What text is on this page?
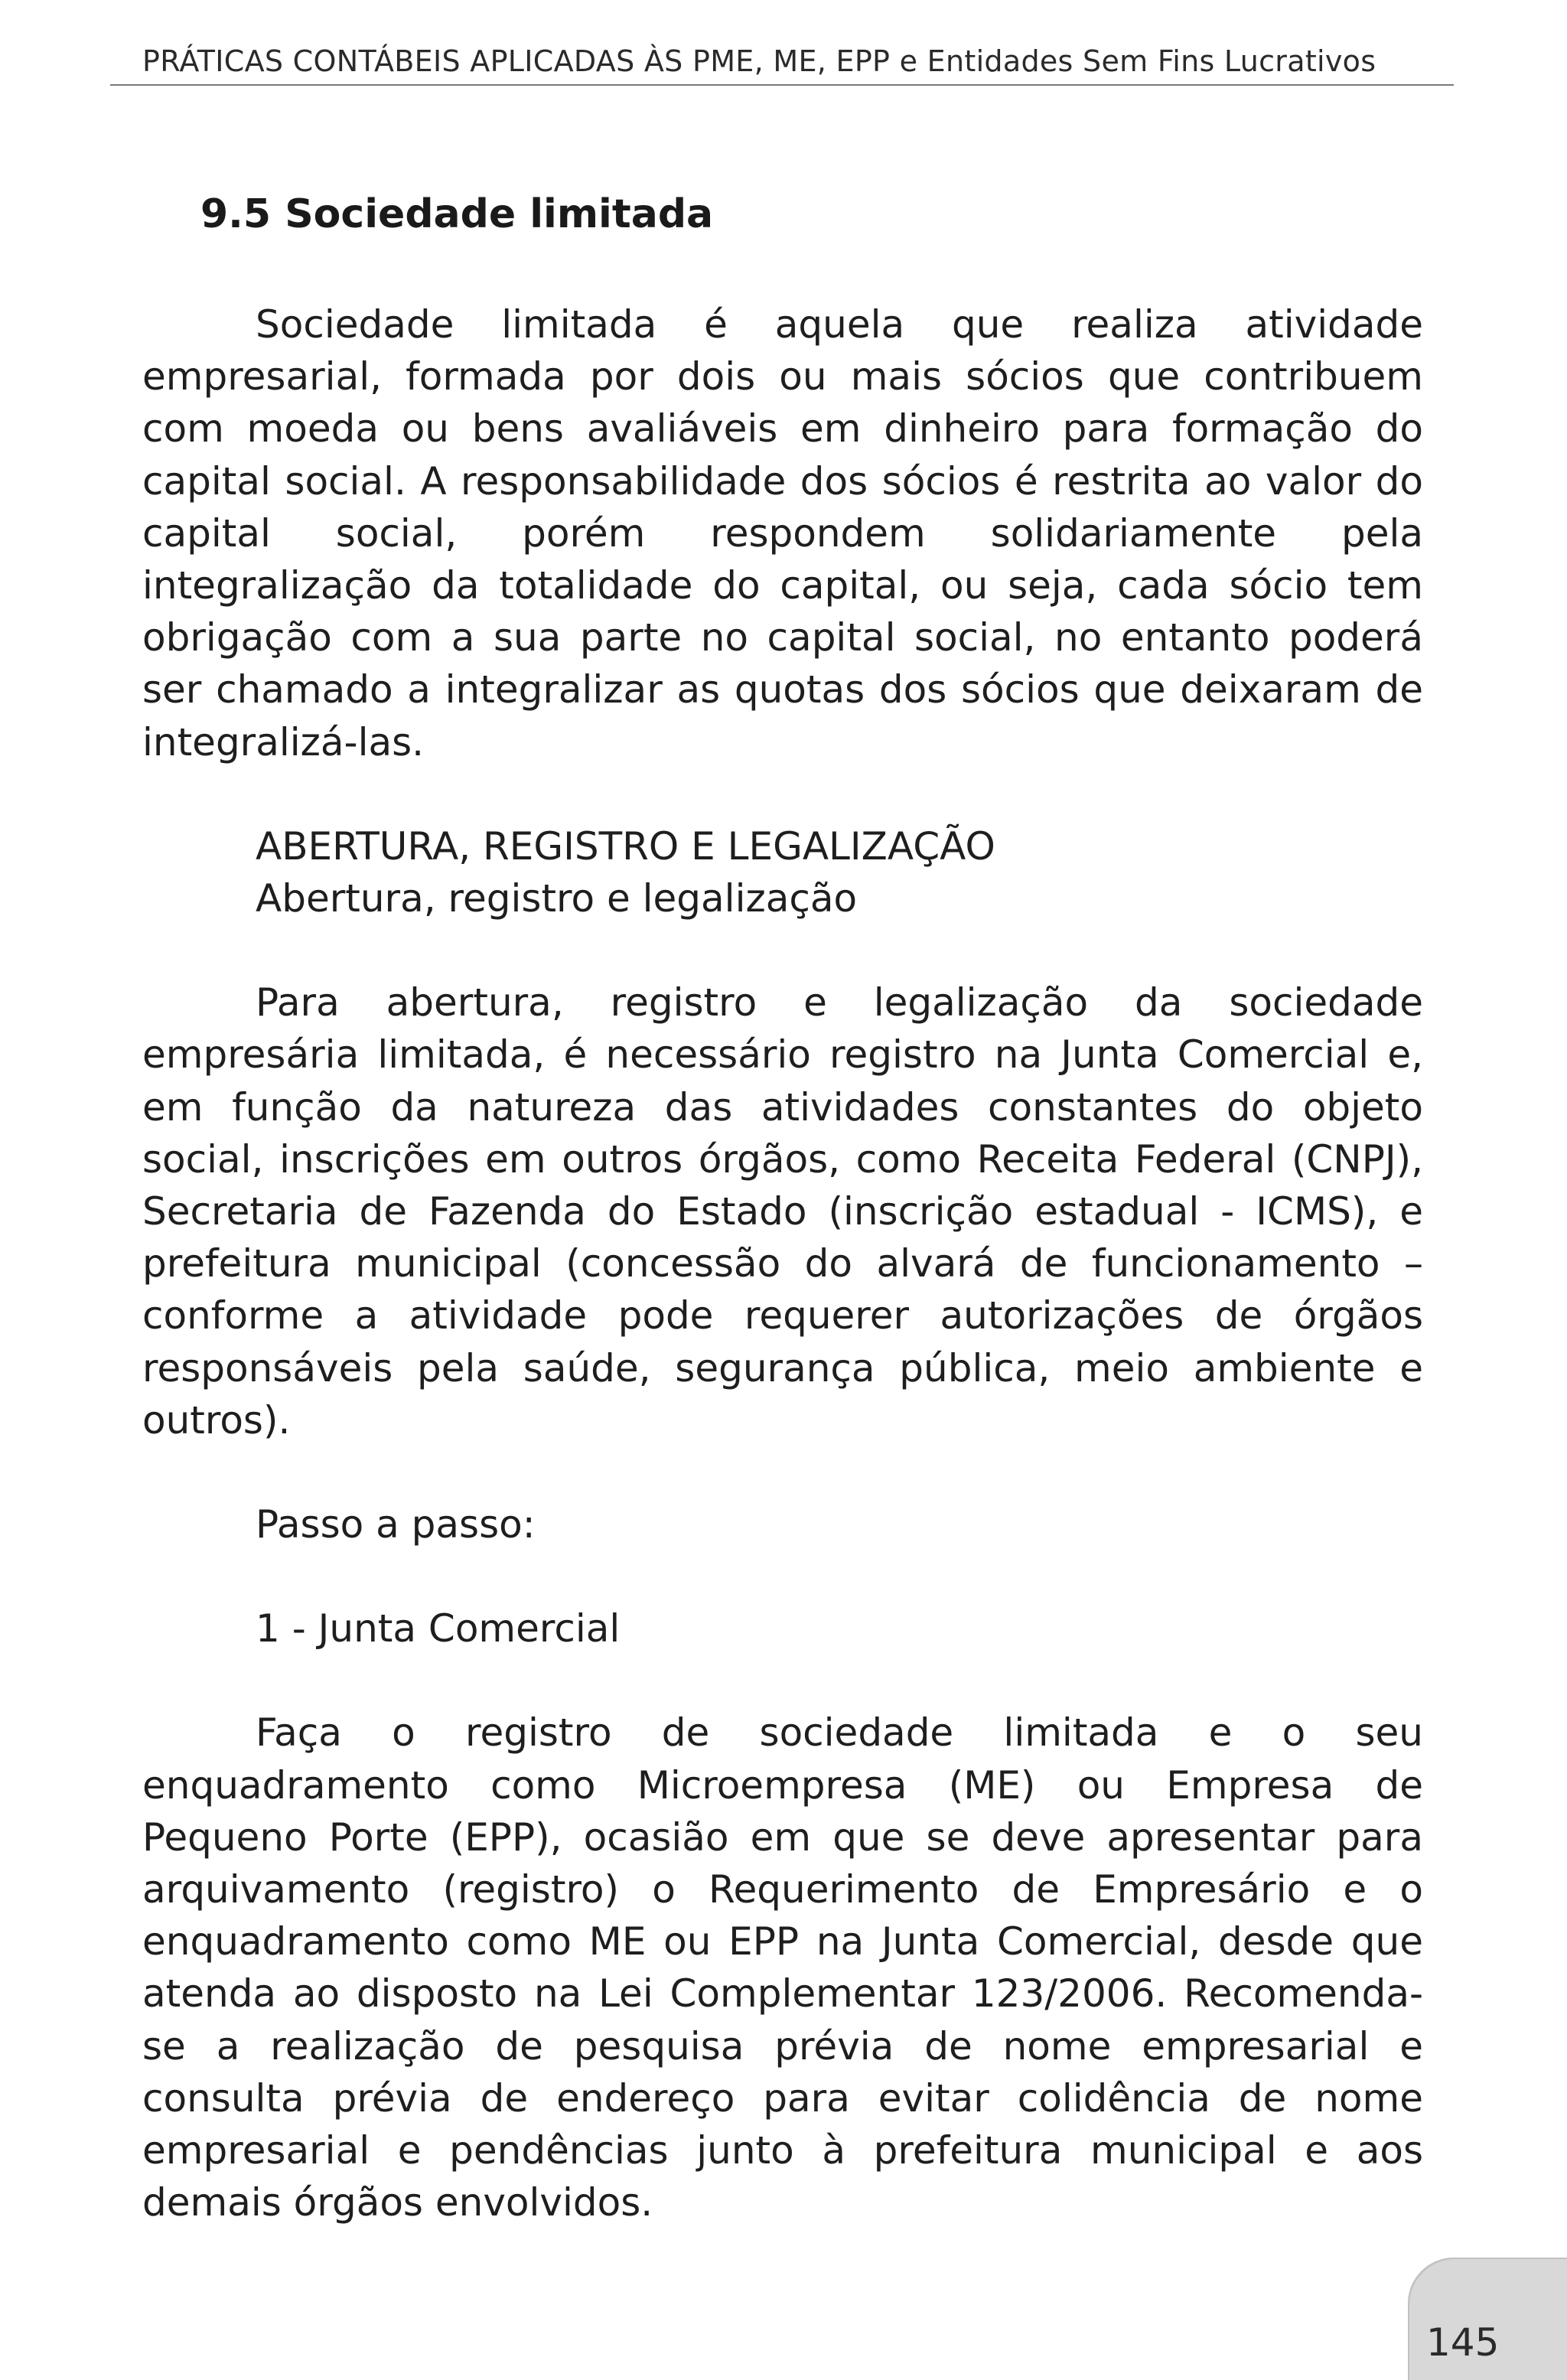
PRÁTICAS CONTÁBEIS APLICADAS ÀS PME, ME, EPP e Entidades Sem Fins Lucrativos
9.5 Sociedade limitada

Sociedade limitada é aquela que realiza atividade empresarial, formada por dois ou mais sócios que contribuem com moeda ou bens avaliáveis em dinheiro para formação do capital social. A responsabilidade dos sócios é restrita ao valor do capital social, porém respondem solidariamente pela integralização da totalidade do capital, ou seja, cada sócio tem obrigação com a sua parte no capital social, no entanto poderá ser chamado a integralizar as quotas dos sócios que deixaram de integralizá-las.

ABERTURA, REGISTRO E LEGALIZAÇÃO
Abertura, registro e legalização

Para abertura, registro e legalização da sociedade empresária limitada, é necessário registro na Junta Comercial e, em função da natureza das atividades constantes do objeto social, inscrições em outros órgãos, como Receita Federal (CNPJ), Secretaria de Fazenda do Estado (inscrição estadual - ICMS), e prefeitura municipal (concessão do alvará de funcionamento – conforme a atividade pode requerer autorizações de órgãos responsáveis pela saúde, segurança pública, meio ambiente e outros).

Passo a passo:

1 - Junta Comercial

Faça o registro de sociedade limitada e o seu enquadramento como Microempresa (ME) ou Empresa de Pequeno Porte (EPP), ocasião em que se deve apresentar para arquivamento (registro) o Requerimento de Empresário e o enquadramento como ME ou EPP na Junta Comercial, desde que atenda ao disposto na Lei Complementar 123/2006. Recomenda-se a realização de pesquisa prévia de nome empresarial e consulta prévia de endereço para evitar colidência de nome empresarial e pendências junto à prefeitura municipal e aos demais órgãos envolvidos.

145
